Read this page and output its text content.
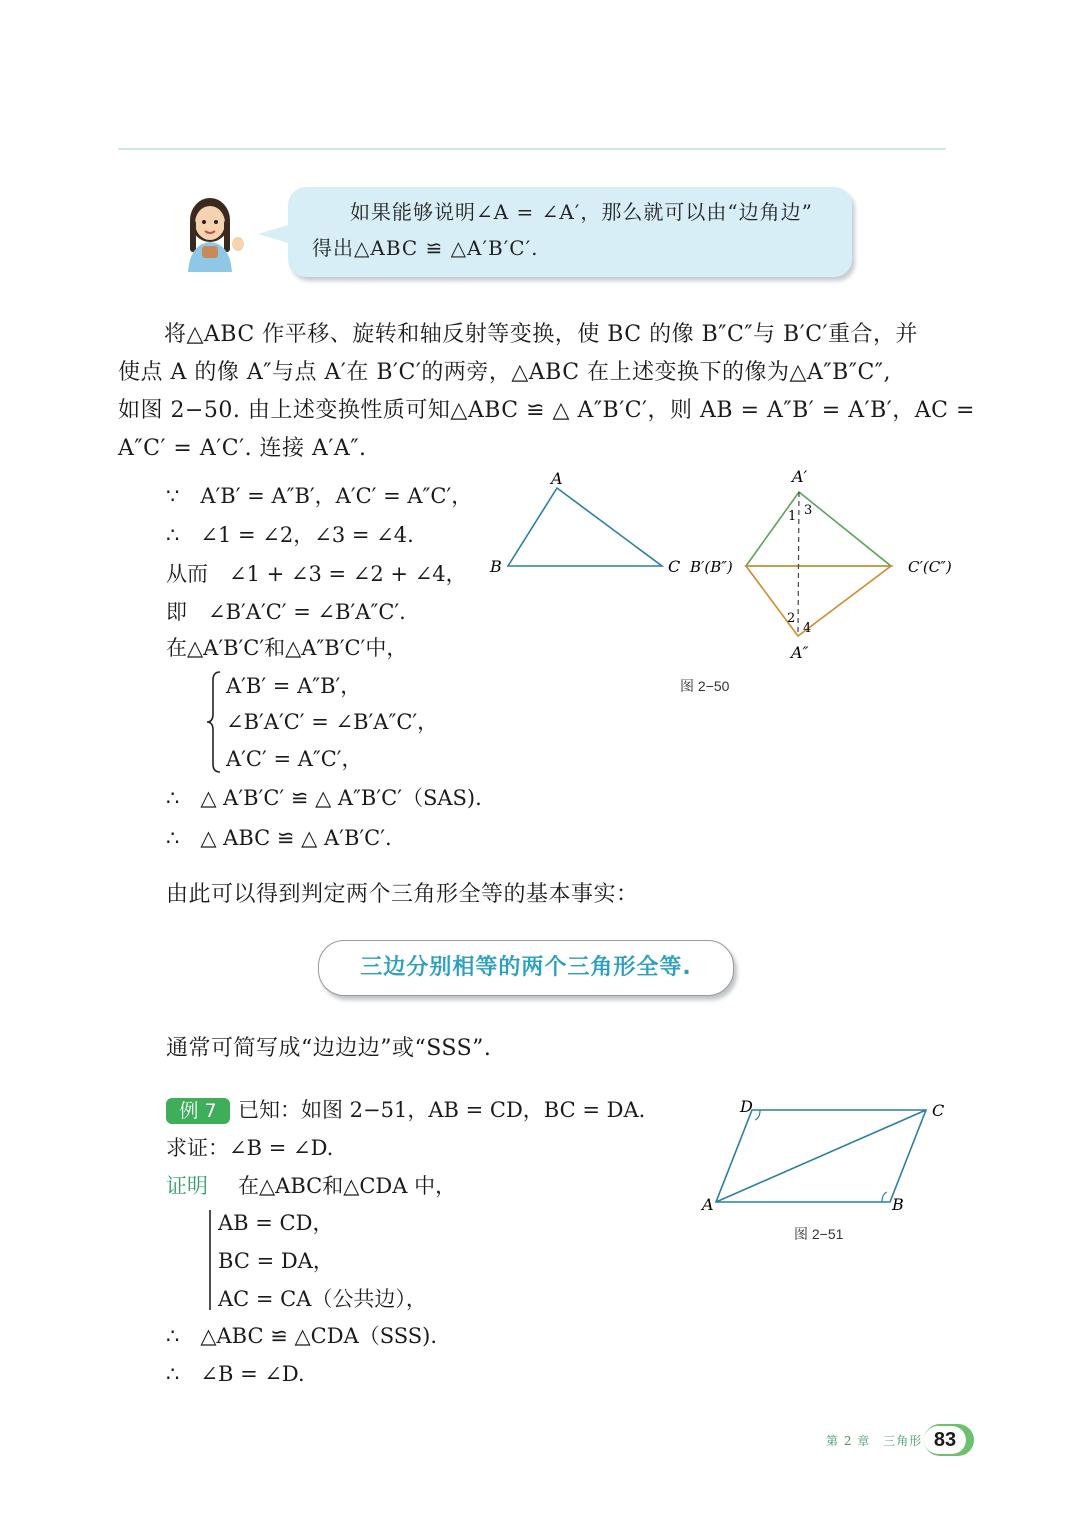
如果能够说明∠A = ∠A′，那么就可以由“边角边”
得出△ABC ≌ △A′B′C′.
将△ABC 作平移、旋转和轴反射等变换，使 BC 的像 B″C″与 B′C′重合，并
使点 A 的像 A″与点 A′在 B′C′的两旁，△ABC 在上述变换下的像为△A″B″C″,
如图 2−50. 由上述变换性质可知△ABC ≌ △ A″B′C′，则 AB = A″B′ = A′B′，AC =
A″C′ = A′C′. 连接 A′A″.
∵　A′B′ = A″B′，A′C′ = A″C′，
∴　∠1 = ∠2，∠3 = ∠4.
从而　∠1 + ∠3 = ∠2 + ∠4，
即　∠B′A′C′ = ∠B′A″C′.
在△A′B′C′和△A″B′C′中，
A′B′ = A″B′，
∠B′A′C′ = ∠B′A″C′，
A′C′ = A″C′，
∴　△ A′B′C′ ≌ △ A″B′C′（SAS).
∴　△ ABC ≌ △ A′B′C′.
A
B	C
A′
A″
B′(B″)	C′(C″)
1 3
2
4
图 2−50
由此可以得到判定两个三角形全等的基本事实：
三边分别相等的两个三角形全等.
通常可简写成“边边边”或“SSS”.
例 7	已知：如图 2−51，AB = CD，BC = DA.
求证：∠B = ∠D.
证明 在△ABC和△CDA 中，
AB = CD，
BC = DA，
AC = CA（公共边），
∴　△ABC ≌ △CDA（SSS).
∴　∠B = ∠D.
D	C
A	B
图 2−51
第 2 章　三角形 83
